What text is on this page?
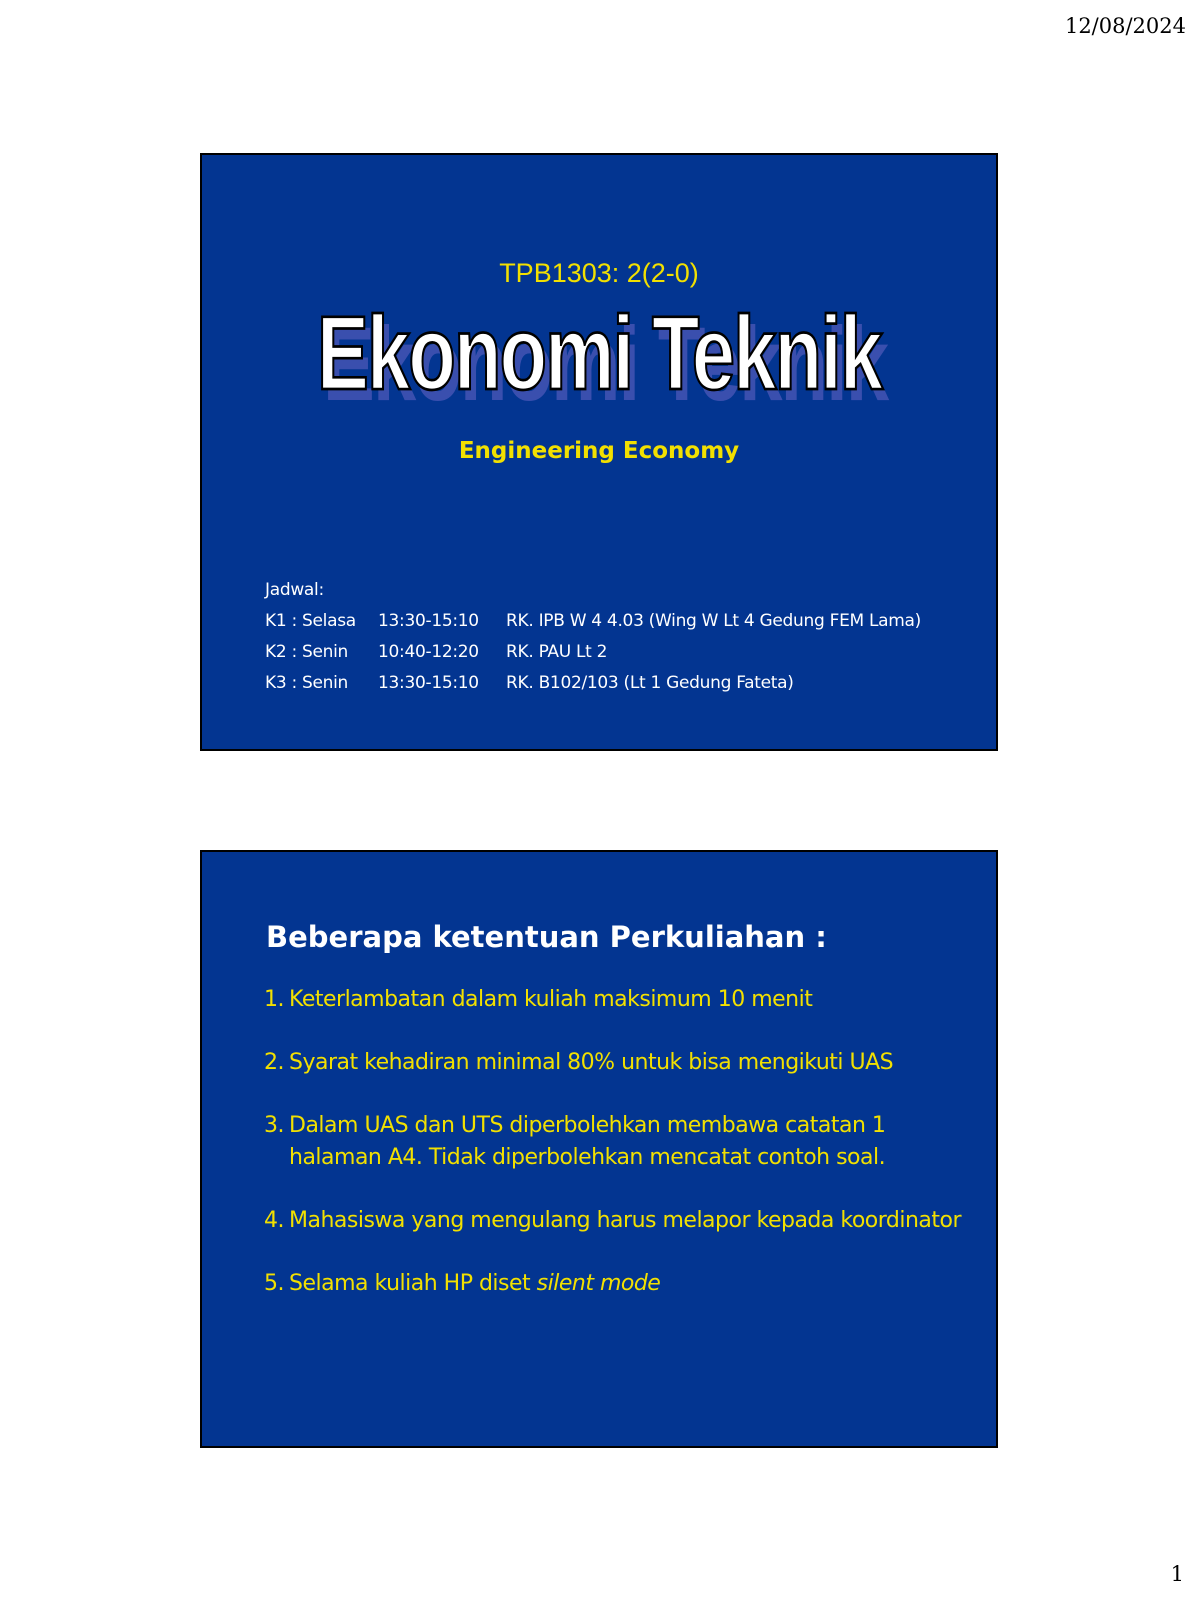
12/08/2024
TPB1303: 2(2-0)
Ekonomi Teknik
Engineering Economy
Jadwal:
K1 : Selasa 13:30-15:10 RK. IPB W 4 4.03 (Wing W Lt 4 Gedung FEM Lama)
K2 : Senin 10:40-12:20 RK. PAU Lt 2
K3 : Senin 13:30-15:10 RK. B102/103 (Lt 1 Gedung Fateta)
Beberapa ketentuan Perkuliahan :
1. Keterlambatan dalam kuliah maksimum 10 menit
2. Syarat kehadiran minimal 80% untuk bisa mengikuti UAS
3. Dalam UAS dan UTS diperbolehkan membawa catatan 1 halaman A4. Tidak diperbolehkan mencatat contoh soal.
4. Mahasiswa yang mengulang harus melapor kepada koordinator
5. Selama kuliah HP diset silent mode
1
